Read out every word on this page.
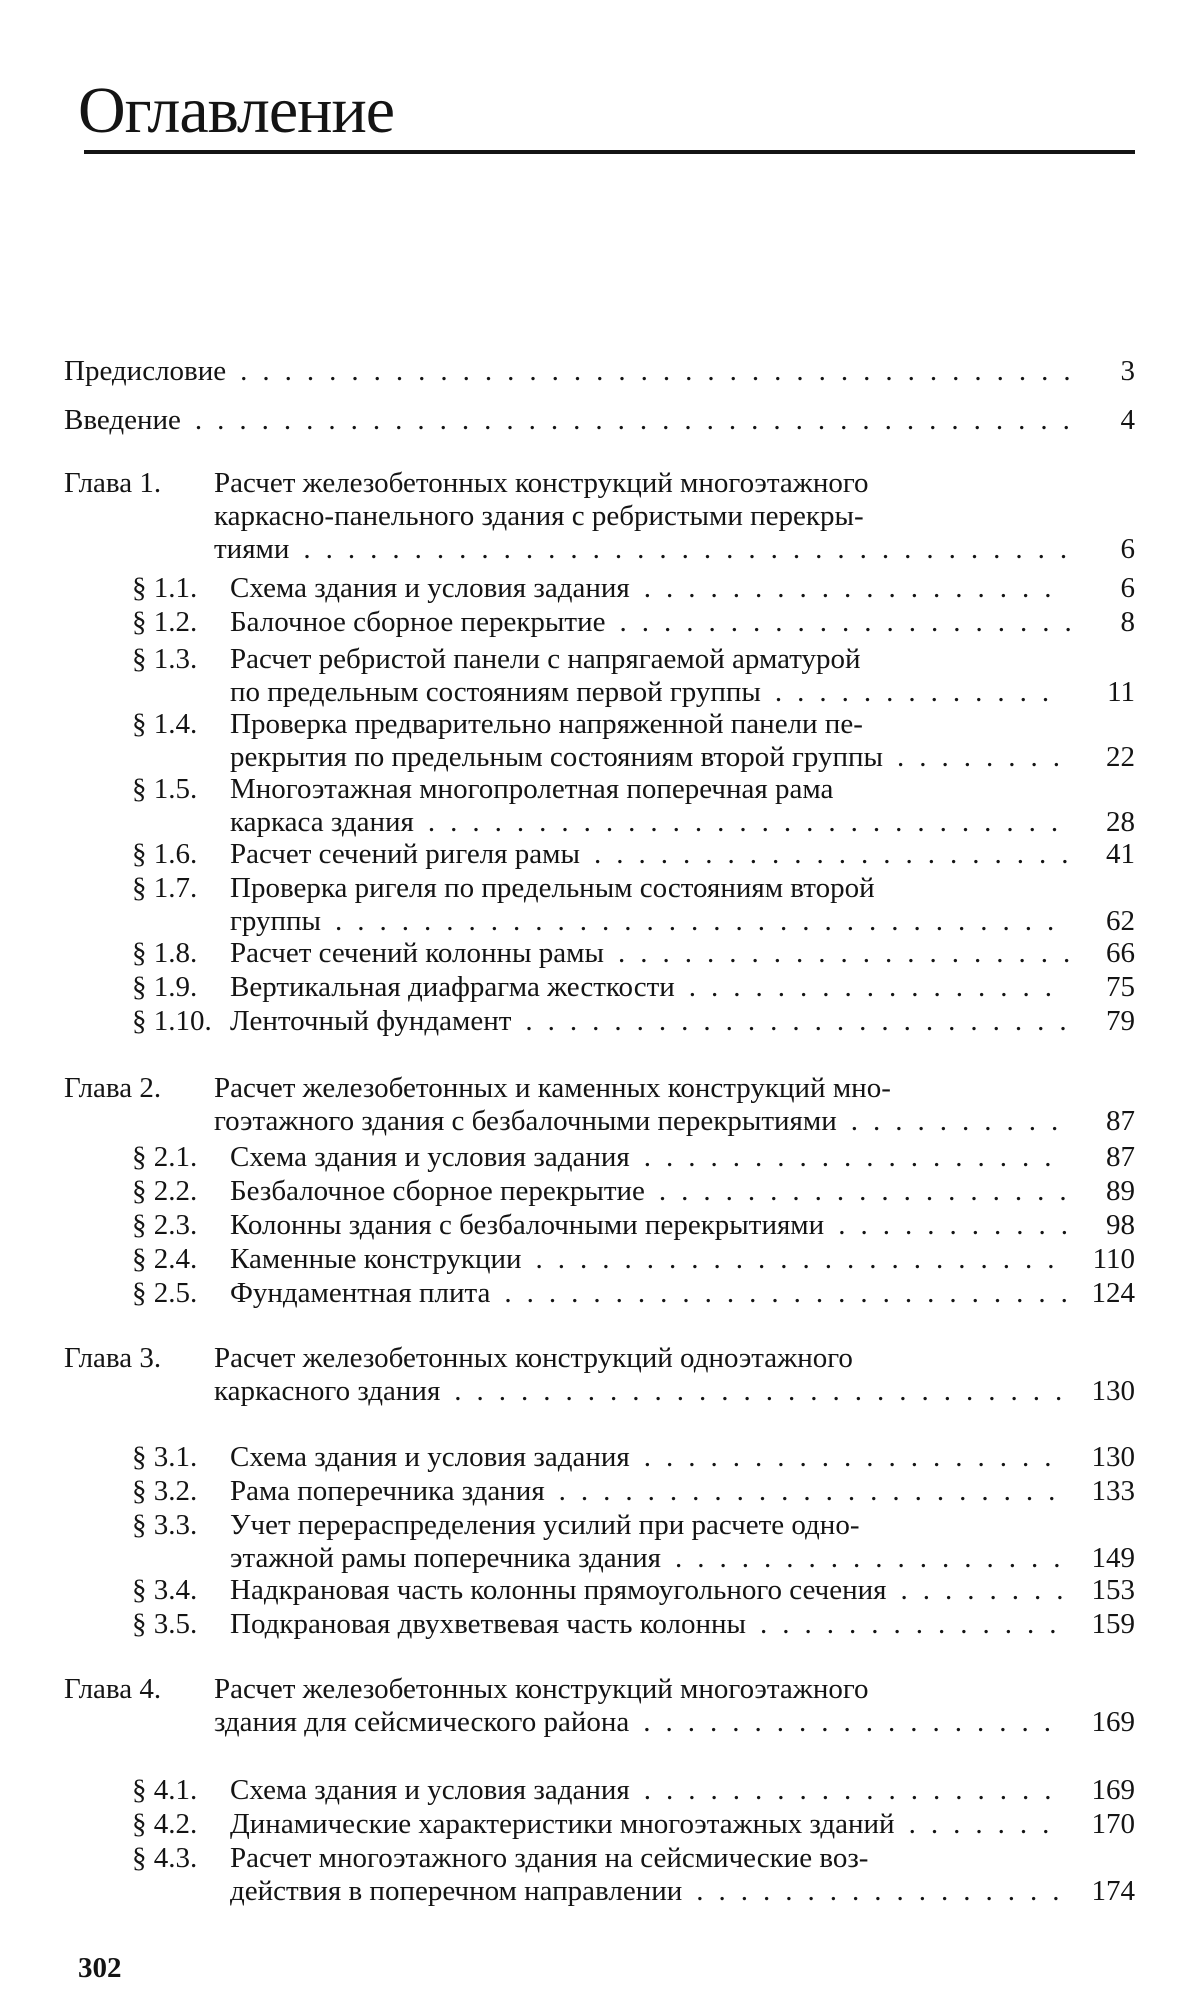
Оглавление
Предисловие	3
......................................
Введение	4
........................................
Глава 1. Расчет железобетонных конструкций многоэтажного
каркасно-панельного здания с ребристыми перекры-
тиями	6
...................................
§ 1.1. Схема здания и условия задания	6
...................
§ 1.2. Балочное сборное перекрытие	8
.....................
§ 1.3. Расчет ребристой панели с напрягаемой арматурой
по предельным состояниям первой группы	11
.............
§ 1.4. Проверка предварительно напряженной панели пе-
рекрытия по предельным состояниям второй группы	22
........
§ 1.5. Многоэтажная многопролетная поперечная рама
каркаса здания	28
.............................
§ 1.6. Расчет сечений ригеля рамы	41
......................
§ 1.7. Проверка ригеля по предельным состояниям второй
группы	62
.................................
§ 1.8. Расчет сечений колонны рамы	66
.....................
§ 1.9. Вертикальная диафрагма жесткости	75
.................
§ 1.10. Ленточный фундамент	79
.........................
Глава 2. Расчет железобетонных и каменных конструкций мно-
гоэтажного здания с безбалочными перекрытиями	87
..........
§ 2.1. Схема здания и условия задания	87
...................
§ 2.2. Безбалочное сборное перекрытие	89
...................
§ 2.3. Колонны здания с безбалочными перекрытиями	98
...........
§ 2.4. Каменные конструкции	110
........................
§ 2.5. Фундаментная плита	124
..........................
Глава 3. Расчет железобетонных конструкций одноэтажного
каркасного здания	130
............................
§ 3.1. Схема здания и условия задания	130
...................
§ 3.2. Рама поперечника здания	133
.......................
§ 3.3. Учет перераспределения усилий при расчете одно-
этажной рамы поперечника здания	149
..................
§ 3.4. Надкрановая часть колонны прямоугольного сечения	153
........
§ 3.5. Подкрановая двухветвевая часть колонны	159
..............
Глава 4. Расчет железобетонных конструкций многоэтажного
здания для сейсмического района	169
...................
§ 4.1. Схема здания и условия задания	169
...................
§ 4.2. Динамические характеристики многоэтажных зданий	170
.......
§ 4.3. Расчет многоэтажного здания на сейсмические воз-
действия в поперечном направлении	174
.................
302
